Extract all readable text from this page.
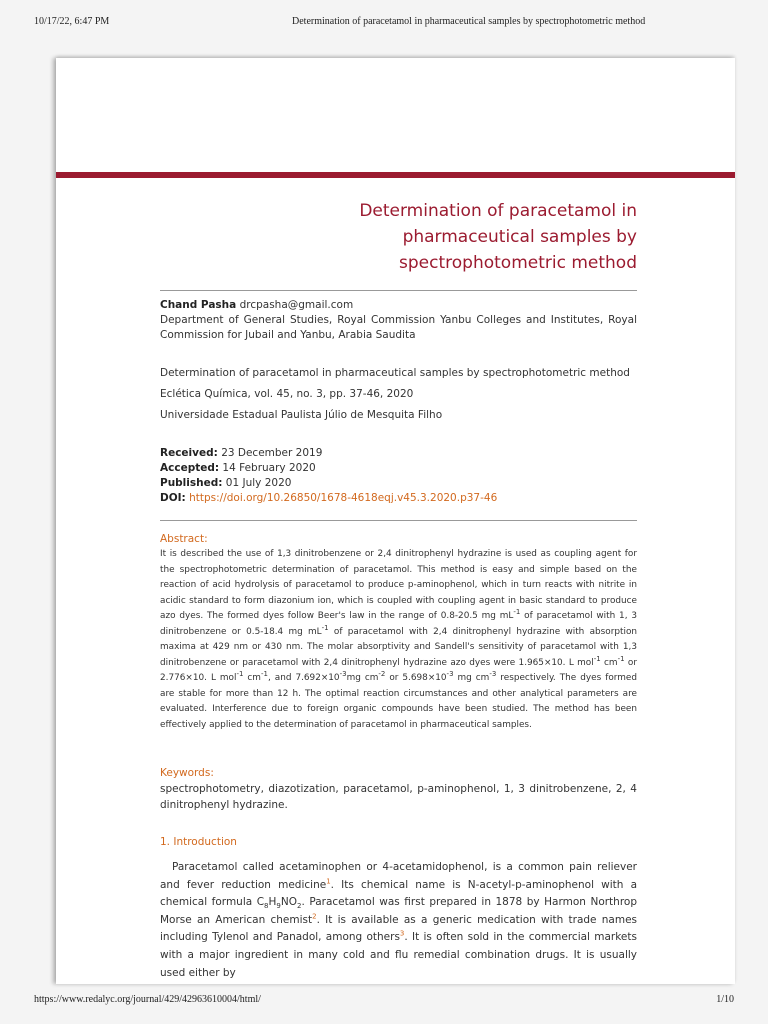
10/17/22, 6:47 PM	Determination of paracetamol in pharmaceutical samples by spectrophotometric method
Determination of paracetamol in
pharmaceutical samples by
spectrophotometric method
Chand Pasha drcpasha@gmail.com
Department of General Studies, Royal Commission Yanbu Colleges and Institutes, Royal Commission for Jubail and Yanbu, Arabia Saudita
Determination of paracetamol in pharmaceutical samples by spectrophotometric method
Eclética Química, vol. 45, no. 3, pp. 37-46, 2020
Universidade Estadual Paulista Júlio de Mesquita Filho
Received: 23 December 2019
Accepted: 14 February 2020
Published: 01 July 2020
DOI: https://doi.org/10.26850/1678-4618eqj.v45.3.2020.p37-46
Abstract:
It is described the use of 1,3 dinitrobenzene or 2,4 dinitrophenyl hydrazine is used as coupling agent for the spectrophotometric determination of paracetamol. This method is easy and simple based on the reaction of acid hydrolysis of paracetamol to produce p-aminophenol, which in turn reacts with nitrite in acidic standard to form diazonium ion, which is coupled with coupling agent in basic standard to produce azo dyes. The formed dyes follow Beer's law in the range of 0.8-20.5 mg $mL^{-1}$ of paracetamol with 1, 3 dinitrobenzene or 0.5-18.4 mg $mL^{-1}$ of paracetamol with 2,4 dinitrophenyl hydrazine with absorption maxima at 429 nm or 430 nm. The molar absorptivity and Sandell's sensitivity of paracetamol with 1,3 dinitrobenzene or paracetamol with 2,4 dinitrophenyl hydrazine azo dyes were 1.965×10. L mol$^{-1}$ $cm^{-1}$ or 2.776×10. L mol$^{-1}$ $cm^{-1}$, and $7.692\times 10^{-3}mg$ $cm^{-2}$ or $5.698\times 10^{-3}$ mg $cm^{-3}$ respectively. The dyes formed are stable for more than 12 h. The optimal reaction circumstances and other analytical parameters are evaluated. Interference due to foreign organic compounds have been studied. The method has been effectively applied to the determination of paracetamol in pharmaceutical samples.
Keywords:
spectrophotometry, diazotization, paracetamol, p-aminophenol, 1, 3 dinitrobenzene, 2, 4 dinitrophenyl hydrazine.
1. Introduction
Paracetamol called acetaminophen or 4-acetamidophenol, is a common pain reliever and fever reduction medicine$^1$. Its chemical name is N-acetyl-p-aminophenol with a chemical formula $C_8H_9NO_2$. Paracetamol was first prepared in 1878 by Harmon Northrop Morse an American chemist$^2$. It is available as a generic medication with trade names including Tylenol and Panadol, among others$^3$. It is often sold in the commercial markets with a major ingredient in many cold and flu remedial combination drugs. It is usually used either by
https://www.redalyc.org/journal/429/42963610004/html/	1/10
